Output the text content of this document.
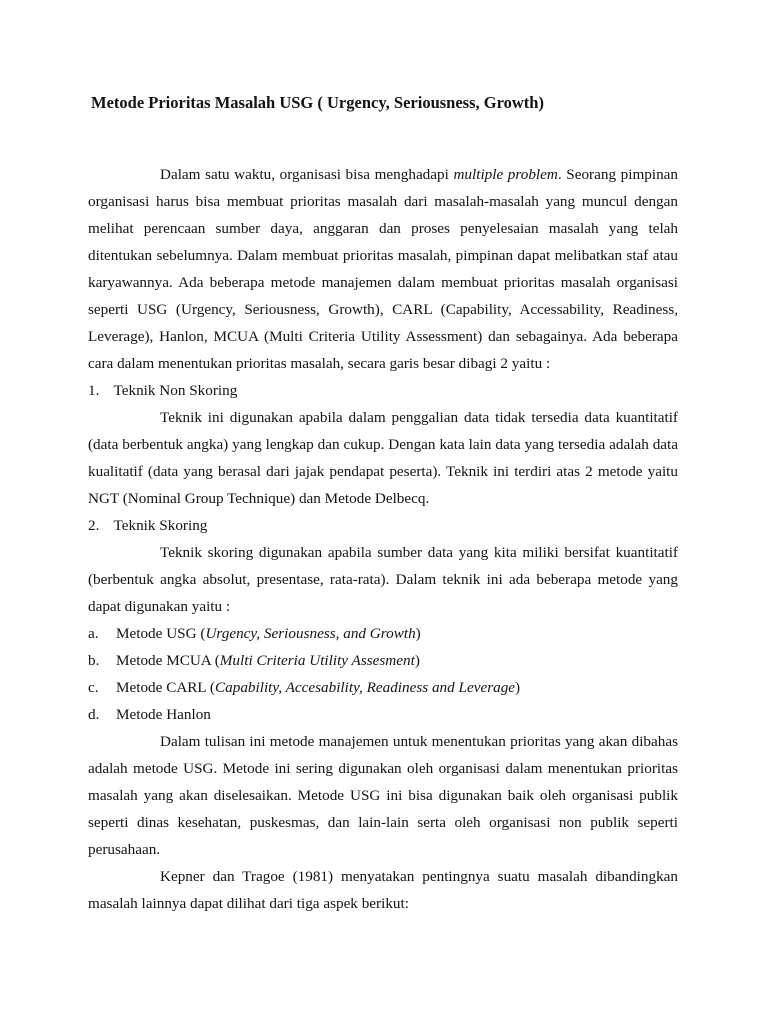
Metode Prioritas Masalah USG ( Urgency, Seriousness, Growth)

Dalam satu waktu, organisasi bisa menghadapi multiple problem. Seorang pimpinan organisasi harus bisa membuat prioritas masalah dari masalah-masalah yang muncul dengan melihat perencaan sumber daya, anggaran dan proses penyelesaian masalah yang telah ditentukan sebelumnya. Dalam membuat prioritas masalah, pimpinan dapat melibatkan staf atau karyawannya. Ada beberapa metode manajemen dalam membuat prioritas masalah organisasi seperti USG (Urgency, Seriousness, Growth), CARL (Capability, Accessability, Readiness, Leverage), Hanlon, MCUA (Multi Criteria Utility Assessment) dan sebagainya. Ada beberapa cara dalam menentukan prioritas masalah, secara garis besar dibagi 2 yaitu :

1. Teknik Non Skoring

Teknik ini digunakan apabila dalam penggalian data tidak tersedia data kuantitatif (data berbentuk angka) yang lengkap dan cukup. Dengan kata lain data yang tersedia adalah data kualitatif (data yang berasal dari jajak pendapat peserta). Teknik ini terdiri atas 2 metode yaitu NGT (Nominal Group Technique) dan Metode Delbecq.

2. Teknik Skoring

Teknik skoring digunakan apabila sumber data yang kita miliki bersifat kuantitatif (berbentuk angka absolut, presentase, rata-rata). Dalam teknik ini ada beberapa metode yang dapat digunakan yaitu :

a. Metode USG (Urgency, Seriousness, and Growth)

b. Metode MCUA (Multi Criteria Utility Assesment)

c. Metode CARL (Capability, Accesability, Readiness and Leverage)

d. Metode Hanlon

Dalam tulisan ini metode manajemen untuk menentukan prioritas yang akan dibahas adalah metode USG. Metode ini sering digunakan oleh organisasi dalam menentukan prioritas masalah yang akan diselesaikan. Metode USG ini bisa digunakan baik oleh organisasi publik seperti dinas kesehatan, puskesmas, dan lain-lain serta oleh organisasi non publik seperti perusahaan.

Kepner dan Tragoe (1981) menyatakan pentingnya suatu masalah dibandingkan masalah lainnya dapat dilihat dari tiga aspek berikut:
